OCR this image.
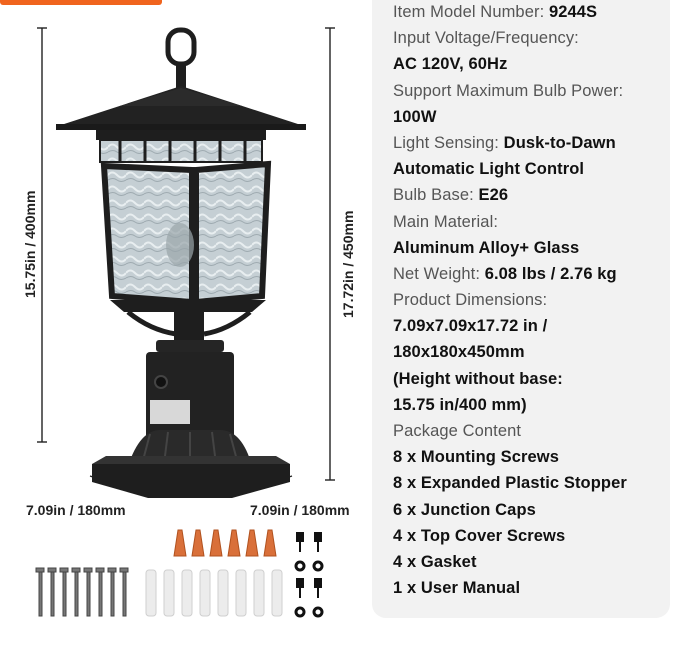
15.75in / 400mm	17.72in / 450mm
7.09in / 180mm	7.09in / 180mm
Item Model Number: 9244S
Input Voltage/Frequency:
AC 120V, 60Hz
Support Maximum Bulb Power:
100W
Light Sensing: Dusk-to-Dawn
Automatic Light Control
Bulb Base: E26
Main Material:
Aluminum Alloy+ Glass
Net Weight: 6.08 lbs / 2.76 kg
Product Dimensions:
7.09x7.09x17.72 in /
180x180x450mm
(Height without base:
15.75 in/400 mm)
Package Content
8 x Mounting Screws
8 x Expanded Plastic Stopper
6 x Junction Caps
4 x Top Cover Screws
4 x Gasket
1 x User Manual
